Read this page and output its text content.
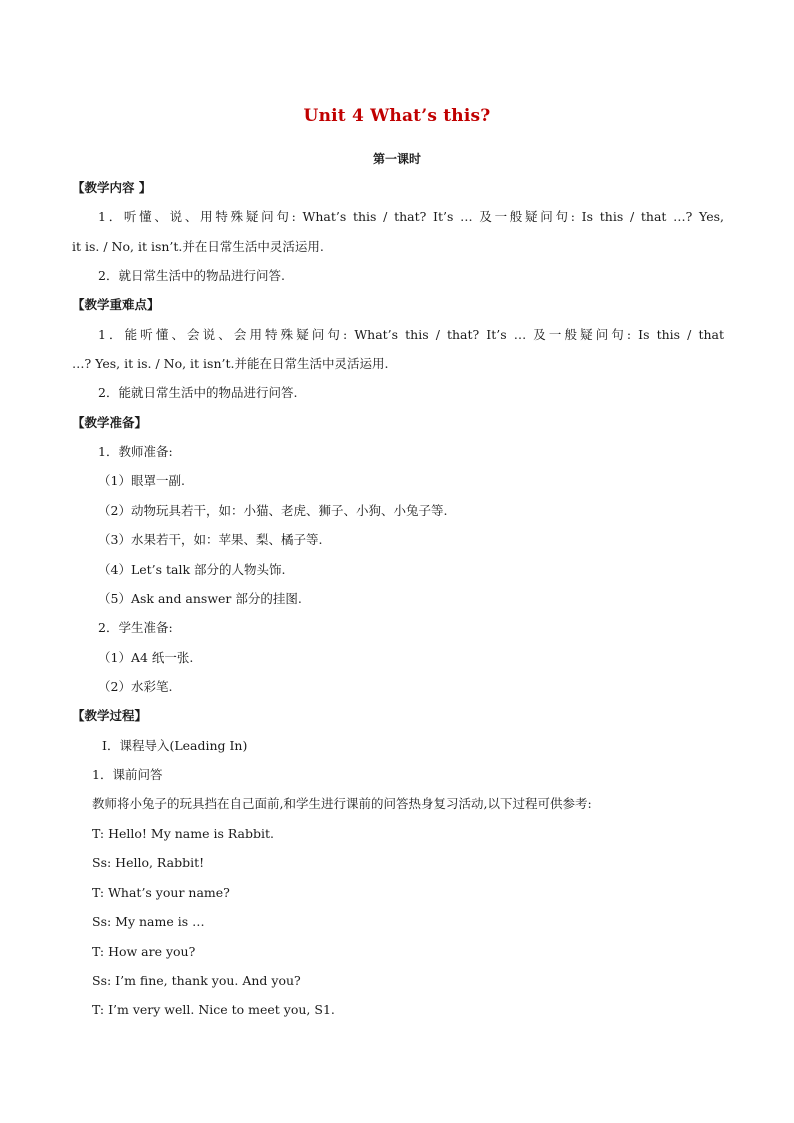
Unit 4 What’s this?
第一课时
【教学内容 】
1．听懂、说、用特殊疑问句: What’s this / that? It’s … 及一般疑问句: Is this / that …? Yes,
it is. / No, it isn’t.并在日常生活中灵活运用.
2．就日常生活中的物品进行问答.
【教学重难点】
1．能听懂、会说、会用特殊疑问句: What’s this / that? It’s … 及一般疑问句: Is this / that
…? Yes, it is. / No, it isn’t.并能在日常生活中灵活运用.
2．能就日常生活中的物品进行问答.
【教学准备】
1．教师准备:
（1）眼罩一副.
（2）动物玩具若干，如：小猫、老虎、狮子、小狗、小兔子等.
（3）水果若干，如：苹果、梨、橘子等.
（4）Let’s talk 部分的人物头饰.
（5）Ask and answer 部分的挂图.
2．学生准备:
（1）A4 纸一张.
（2）水彩笔.
【教学过程】
Ⅰ．课程导入(Leading In)
1．课前问答
教师将小兔子的玩具挡在自己面前,和学生进行课前的问答热身复习活动,以下过程可供参考:
T: Hello! My name is Rabbit.
Ss: Hello, Rabbit!
T: What’s your name?
Ss: My name is …
T: How are you?
Ss: I’m fine, thank you. And you?
T: I’m very well. Nice to meet you, S1.
